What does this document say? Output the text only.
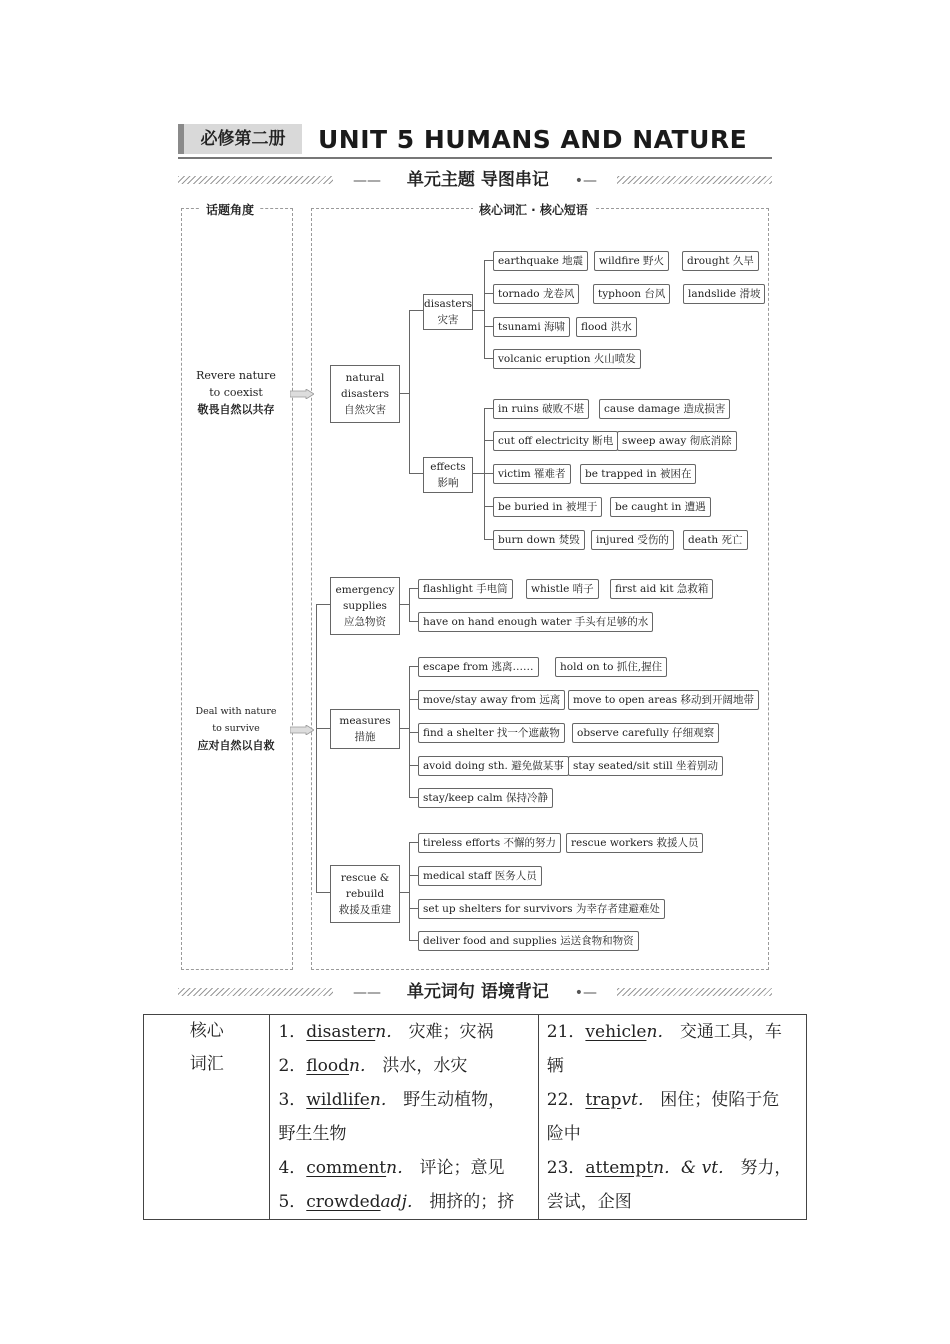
必修第二册	UNIT 5 HUMANS AND NATURE
—— 单元主题 导图串记 •—
话题角度	核心词汇 · 核心短语
Revere nature
to coexist
敬畏自然以共存
Deal with nature
to survive
应对自然以自救
natural
disasters
自然灾害
disasters
灾害
effects
影响
emergency
supplies
应急物资
measures
措施
rescue &
rebuild
救援及重建
earthquake 地震	wildfire 野火	drought 久旱
tornado 龙卷风	typhoon 台风	landslide 滑坡
tsunami 海啸	flood 洪水
volcanic eruption 火山喷发
in ruins 破败不堪	cause damage 造成损害
cut off electricity 断电 sweep away 彻底消除
victim 罹难者	be trapped in 被困在
be buried in 被埋于	be caught in 遭遇
burn down 焚毁	injured 受伤的	death 死亡
flashlight 手电筒	whistle 哨子	first aid kit 急救箱
have on hand enough water 手头有足够的水
escape from 逃离……	hold on to 抓住,握住
move/stay away from 远离	move to open areas 移动到开阔地带
find a shelter 找一个遮蔽物	observe carefully 仔细观察
avoid doing sth. 避免做某事 stay seated/sit still 坐着别动
stay/keep calm 保持冷静
tireless efforts 不懈的努力	rescue workers 救援人员
medical staff 医务人员
set up shelters for survivors 为幸存者建避难处
deliver food and supplies 运送食物和物资
—— 单元词句 语境背记 •—
核心
词汇

1．disastern． 灾难；灾祸
2．floodn． 洪水，水灾
3．wildlifen． 野生动植物，
野生生物
4．commentn． 评论；意见
5．crowdedadj． 拥挤的；挤

21．vehiclen． 交通工具，车
辆
22．trapvt． 困住；使陷于危
险中
23．attemptn．& vt． 努力，
尝试，企图
